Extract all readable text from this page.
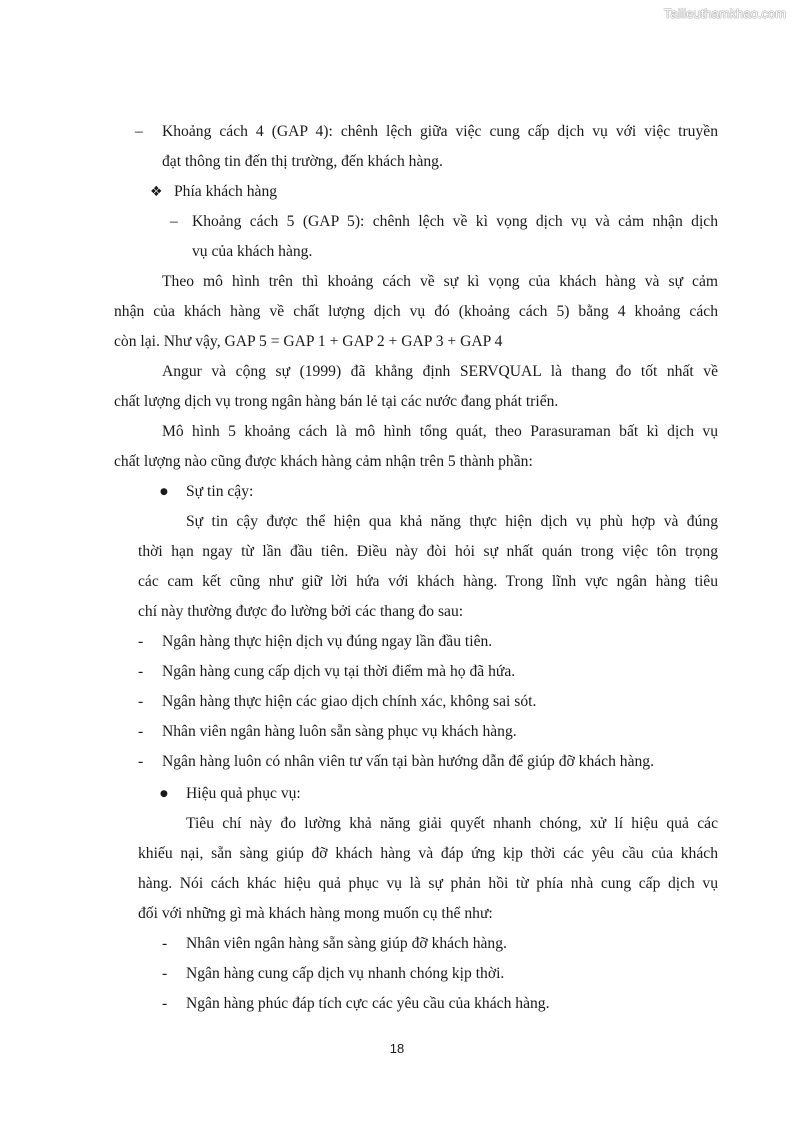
Tailieuthamkhao.com
– Khoảng cách 4 (GAP 4): chênh lệch giữa việc cung cấp dịch vụ với việc truyền
đạt thông tin đến thị trường, đến khách hàng.
❖ Phía khách hàng
– Khoảng cách 5 (GAP 5): chênh lệch về kì vọng dịch vụ và cảm nhận dịch
vụ của khách hàng.
Theo mô hình trên thì khoảng cách về sự kì vọng của khách hàng và sự cảm
nhận của khách hàng về chất lượng dịch vụ đó (khoảng cách 5) bằng 4 khoảng cách
còn lại. Như vậy, GAP 5 = GAP 1 + GAP 2 + GAP 3 + GAP 4
Angur và cộng sự (1999) đã khẳng định SERVQUAL là thang đo tốt nhất về
chất lượng dịch vụ trong ngân hàng bán lẻ tại các nước đang phát triển.
Mô hình 5 khoảng cách là mô hình tổng quát, theo Parasuraman bất kì dịch vụ
chất lượng nào cũng được khách hàng cảm nhận trên 5 thành phần:
● Sự tin cậy:
Sự tin cậy được thể hiện qua khả năng thực hiện dịch vụ phù hợp và đúng
thời hạn ngay từ lần đầu tiên. Điều này đòi hỏi sự nhất quán trong việc tôn trọng
các cam kết cũng như giữ lời hứa với khách hàng. Trong lĩnh vực ngân hàng tiêu
chí này thường được đo lường bởi các thang đo sau:
- Ngân hàng thực hiện dịch vụ đúng ngay lần đầu tiên.
- Ngân hàng cung cấp dịch vụ tại thời điểm mà họ đã hứa.
- Ngân hàng thực hiện các giao dịch chính xác, không sai sót.
- Nhân viên ngân hàng luôn sẵn sàng phục vụ khách hàng.
- Ngân hàng luôn có nhân viên tư vấn tại bàn hướng dẫn để giúp đỡ khách hàng.
● Hiệu quả phục vụ:
Tiêu chí này đo lường khả năng giải quyết nhanh chóng, xử lí hiệu quả các
khiếu nại, sẵn sàng giúp đỡ khách hàng và đáp ứng kịp thời các yêu cầu của khách
hàng. Nói cách khác hiệu quả phục vụ là sự phản hồi từ phía nhà cung cấp dịch vụ
đối với những gì mà khách hàng mong muốn cụ thể như:
- Nhân viên ngân hàng sẵn sàng giúp đỡ khách hàng.
- Ngân hàng cung cấp dịch vụ nhanh chóng kịp thời.
- Ngân hàng phúc đáp tích cực các yêu cầu của khách hàng.
18
